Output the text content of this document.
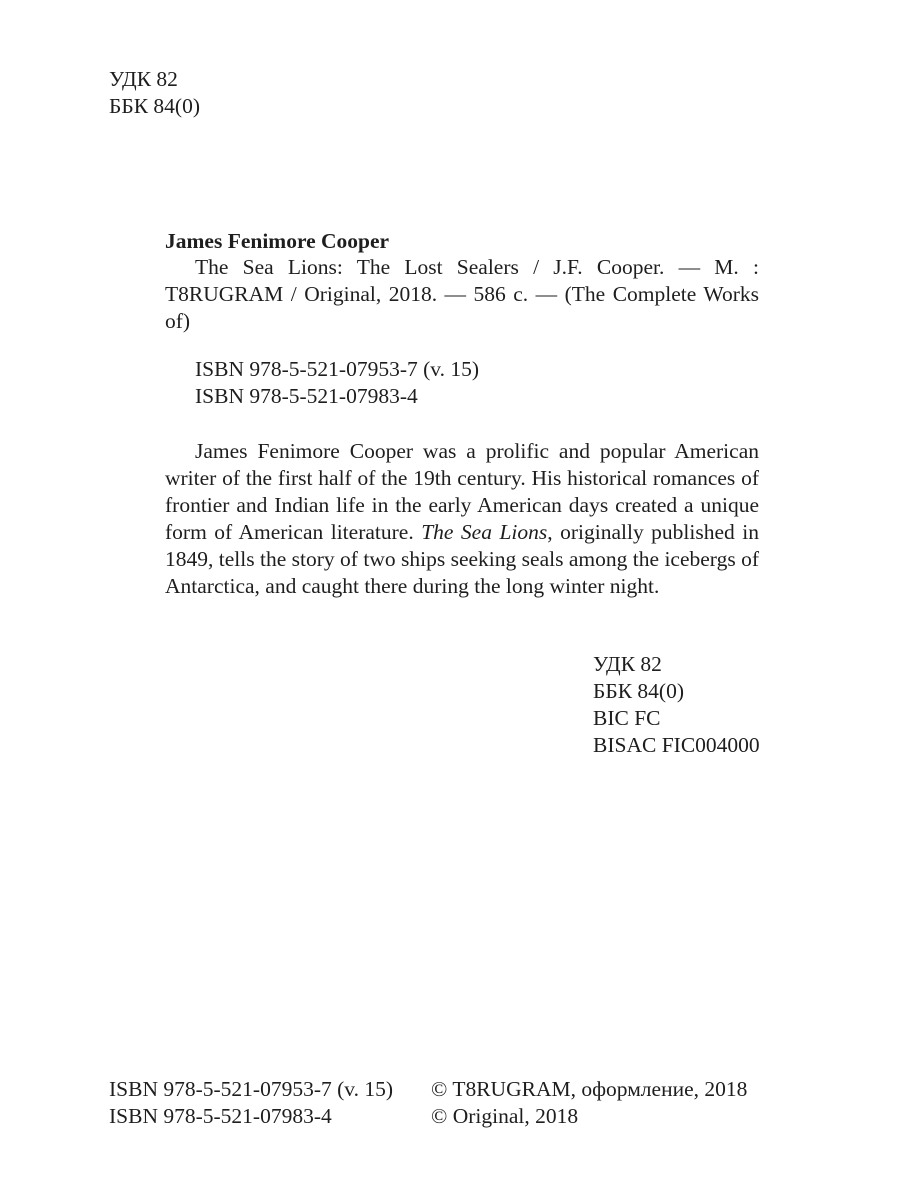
УДК 82
ББК 84(0)
James Fenimore Cooper
The Sea Lions: The Lost Sealers / J.F. Cooper. — M. : T8RUGRAM / Original, 2018. — 586 с. — (The Complete Works of)
ISBN 978-5-521-07953-7 (v. 15)
ISBN 978-5-521-07983-4
James Fenimore Cooper was a prolific and popular American writer of the first half of the 19th century. His historical romances of frontier and Indian life in the early American days created a unique form of American literature. The Sea Lions, originally published in 1849, tells the story of two ships seeking seals among the icebergs of Antarctica, and caught there during the long winter night.
УДК 82
ББК 84(0)
BIC FC
BISAC FIC004000
ISBN 978-5-521-07953-7 (v. 15)
ISBN 978-5-521-07983-4
© T8RUGRAM, оформление, 2018
© Original, 2018
